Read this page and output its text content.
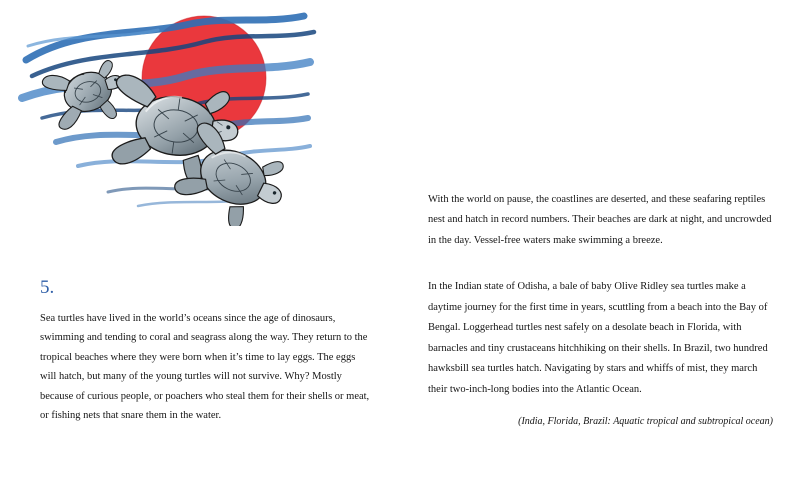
5.

Sea turtles have lived in the world’s oceans since the age of dinosaurs, swimming and tending to coral and seagrass along the way. They return to the tropical beaches where they were born when it’s time to lay eggs. The eggs will hatch, but many of the young turtles will not survive. Why? Mostly because of curious people, or poachers who steal them for their shells or meat, or fishing nets that snare them in the water.

With the world on pause, the coastlines are deserted, and these seafaring reptiles nest and hatch in record numbers. Their beaches are dark at night, and uncrowded in the day. Vessel-free waters make swimming a breeze.

In the Indian state of Odisha, a bale of baby Olive Ridley sea turtles make a daytime journey for the first time in years, scuttling from a beach into the Bay of Bengal. Loggerhead turtles nest safely on a desolate beach in Florida, with barnacles and tiny crustaceans hitchhiking on their shells. In Brazil, two hundred hawksbill sea turtles hatch. Navigating by stars and whiffs of mist, they march their two-inch-long bodies into the Atlantic Ocean.

(India, Florida, Brazil: Aquatic tropical and subtropical ocean)
